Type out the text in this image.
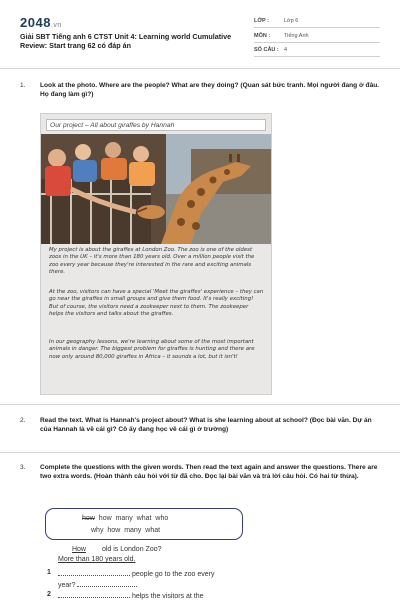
2048.vn
Giải SBT Tiếng anh 6 CTST Unit 4: Learning world Cumulative Review: Start trang 62 có đáp án
LỚP :	Lớp 6
MÔN :	Tiếng Anh
SỐ CÂU : 4
1. Look at the photo. Where are the people? What are they doing? (Quan sát bức tranh. Mọi người đang ở đâu. Họ đang làm gì?)
Our project – All about giraffes by Hannah
My project is about the giraffes at London Zoo. The zoo is one of the oldest zoos in the UK – it's more than 180 years old. Over a million people visit the zoo every year because they're interested in the rare and exciting animals there.
At the zoo, visitors can have a special 'Meet the giraffes' experience – they can go near the giraffes in small groups and give them food. It's really exciting! But of course, the visitors need a zookeeper next to them. The zookeeper helps the visitors and talks about the giraffes.
In our geography lessons, we're learning about some of the most important animals in danger. The biggest problem for giraffes is hunting and there are now only around 80,000 giraffes in Africa – it sounds a lot, but it isn't!
2. Read the text. What is Hannah's project about? What is she learning about at school? (Đọc bài văn. Dự án của Hannah là về cái gì? Cô ấy đang học về cái gì ở trường)
3. Complete the questions with the given words. Then read the text again and answer the questions. There are two extra words. (Hoàn thành câu hỏi với từ đã cho. Đọc lại bài văn và trả lời câu hỏi. Có hai từ thừa).
how how many what who
why how many what
How old is London Zoo?
More than 180 years old.
1	people go to the zoo every
year?
2	helps the visitors at the
